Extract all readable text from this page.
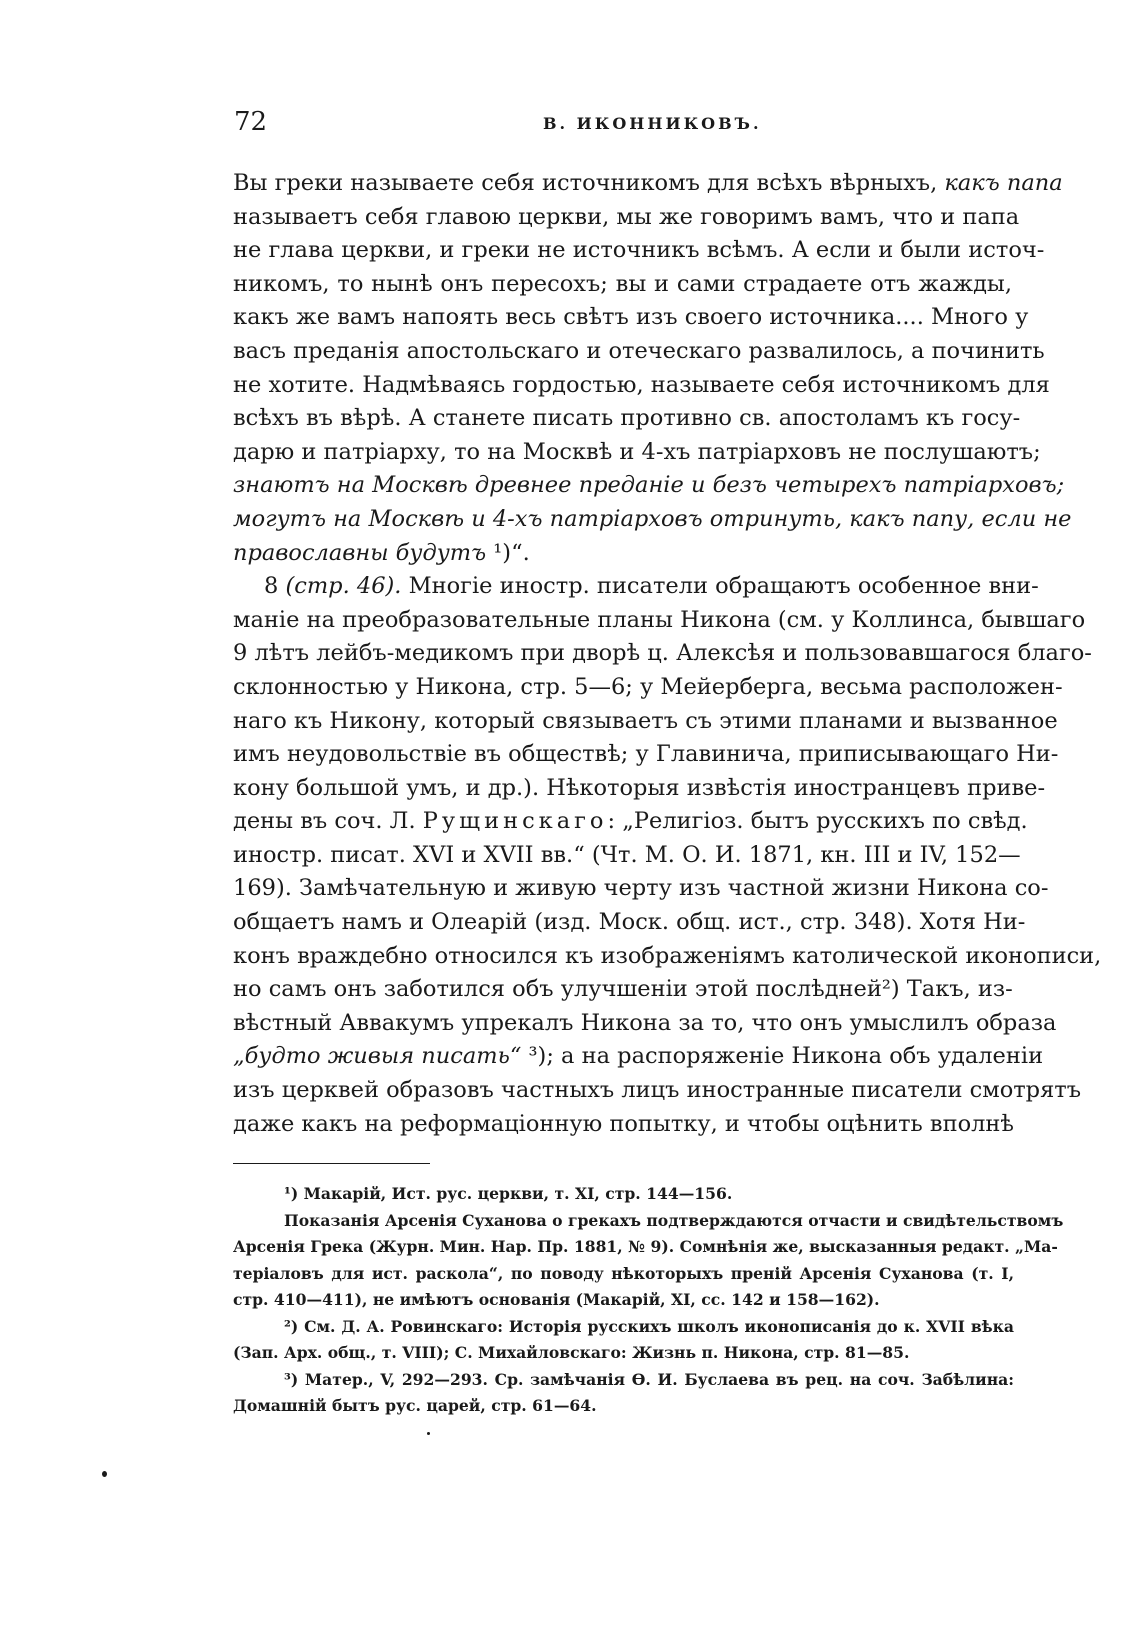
72	В. ИКОННИКОВЪ.
Вы греки называете себя источникомъ для всѣхъ вѣрныхъ, какъ папа
называетъ себя главою церкви, мы же говоримъ вамъ, что и папа
не глава церкви, и греки не источникъ всѣмъ. А если и были источ-
никомъ, то нынѣ онъ пересохъ; вы и сами страдаете отъ жажды,
какъ же вамъ напоять весь свѣтъ изъ своего источника.... Много у
васъ преданія апостольскаго и отеческаго развалилось, а починить
не хотите. Надмѣваясь гордостью, называете себя источникомъ для
всѣхъ въ вѣрѣ. А станете писать противно св. апостоламъ къ госу-
дарю и патріарху, то на Москвѣ и 4-хъ патріарховъ не послушаютъ;
знаютъ на Москвѣ древнее преданіе и безъ четырехъ патріарховъ;
могутъ на Москвѣ и 4-хъ патріарховъ отринуть, какъ папу, если не
православны будутъ ¹)“.
8 (стр. 46). Многіе иностр. писатели обращаютъ особенное вни-
маніе на преобразовательные планы Никона (см. у Коллинса, бывшаго
9 лѣтъ лейбъ-медикомъ при дворѣ ц. Алексѣя и пользовавшагося благо-
склонностью у Никона, стр. 5—6; у Мейерберга, весьма расположен-
наго къ Никону, который связываетъ съ этими планами и вызванное
имъ неудовольствіе въ обществѣ; у Главинича, приписывающаго Ни-
кону большой умъ, и др.). Нѣкоторыя извѣстія иностранцевъ приве-
дены въ соч. Л. Рущинскаго: „Религіоз. бытъ русскихъ по свѣд.
иностр. писат. XVI и XVII вв.“ (Чт. М. О. И. 1871, кн. III и IV, 152—
169). Замѣчательную и живую черту изъ частной жизни Никона со-
общаетъ намъ и Олеарій (изд. Моск. общ. ист., стр. 348). Хотя Ни-
конъ враждебно относился къ изображеніямъ католической иконописи,
но самъ онъ заботился объ улучшеніи этой послѣдней²) Такъ, из-
вѣстный Аввакумъ упрекалъ Никона за то, что онъ умыслилъ образа
„будто живыя писать“ ³); а на распоряженіе Никона объ удаленіи
изъ церквей образовъ частныхъ лицъ иностранные писатели смотрятъ
даже какъ на реформаціонную попытку, и чтобы оцѣнить вполнѣ
¹) Макарій, Ист. рус. церкви, т. XI, стр. 144—156.
Показанія Арсенія Суханова о грекахъ подтверждаются отчасти и свидѣтельствомъ
Арсенія Грека (Журн. Мин. Нар. Пр. 1881, № 9). Сомнѣнія же, высказанныя редакт. „Ма-
теріаловъ для ист. раскола“, по поводу нѣкоторыхъ преній Арсенія Суханова (т. I,
стр. 410—411), не имѣютъ основанія (Макарій, XI, сс. 142 и 158—162).
²) См. Д. А. Ровинскаго: Исторія русскихъ школъ иконописанія до к. XVII вѣка
(Зап. Арх. общ., т. VIII); С. Михайловскаго: Жизнь п. Никона, стр. 81—85.
³) Матер., V, 292—293. Ср. замѣчанія Ѳ. И. Буслаева въ рец. на соч. Забѣлина:
Домашній бытъ рус. царей, стр. 61—64.
